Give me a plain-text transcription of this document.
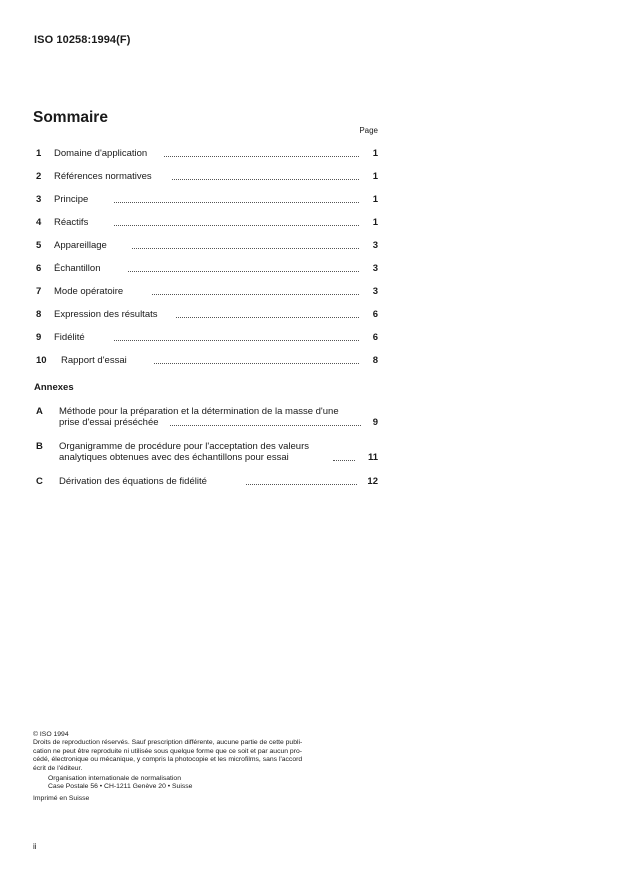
ISO 10258:1994(F)
Sommaire
Page
1 Domaine d'application	1
2 Références normatives	1
3 Principe	1
4 Réactifs	1
5 Appareillage	3
6 Échantillon	3
7 Mode opératoire	3
8 Expression des résultats	6
9 Fidélité	6
10 Rapport d'essai	8
Annexes
A Méthode pour la préparation et la détermination de la masse d'une
prise d'essai préséchée	9
B Organigramme de procédure pour l'acceptation des valeurs
analytiques obtenues avec des échantillons pour essai	11
C Dérivation des équations de fidélité	12

© ISO 1994

Droits de reproduction réservés. Sauf prescription différente, aucune partie de cette publi-

cation ne peut être reproduite ni utilisée sous quelque forme que ce soit et par aucun pro-

cédé, électronique ou mécanique, y compris la photocopie et les microfilms, sans l'accord

écrit de l'éditeur.

Organisation internationale de normalisation

Case Postale 56 • CH-1211 Genève 20 • Suisse

Imprimé en Suisse

ii
